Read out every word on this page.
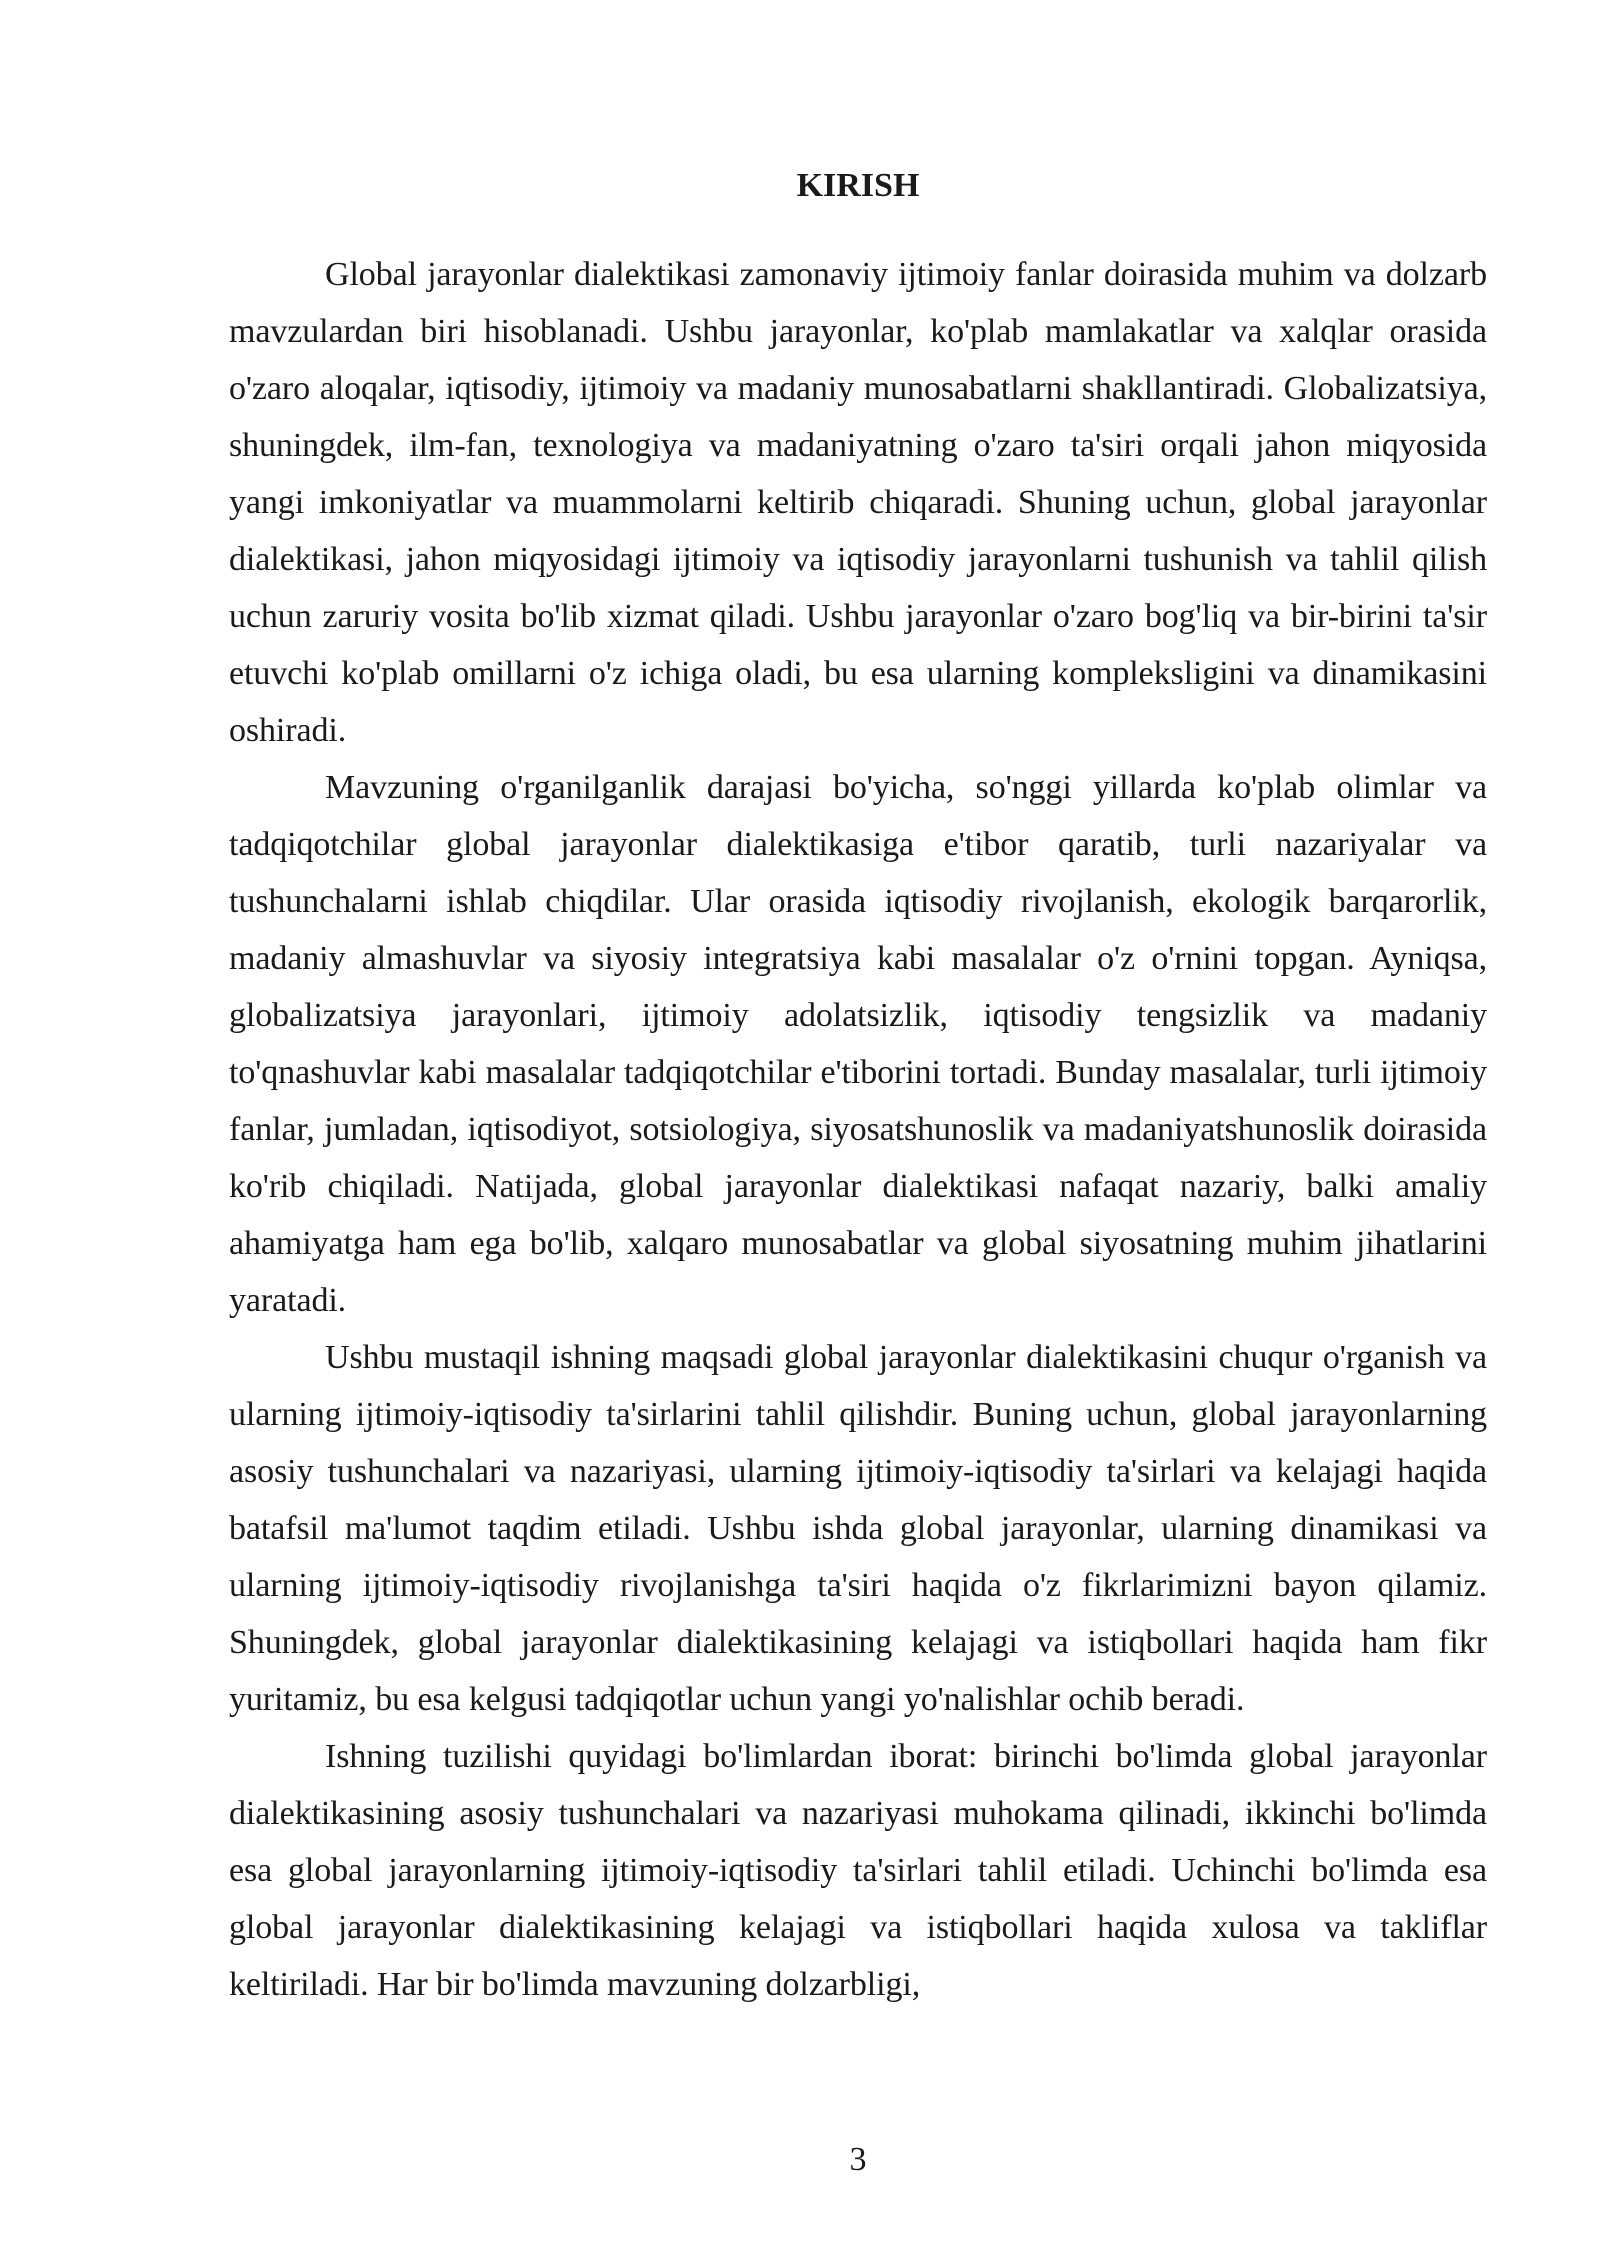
KIRISH

Global jarayonlar dialektikasi zamonaviy ijtimoiy fanlar doirasida muhim va dolzarb mavzulardan biri hisoblanadi. Ushbu jarayonlar, ko'plab mamlakatlar va xalqlar orasida o'zaro aloqalar, iqtisodiy, ijtimoiy va madaniy munosabatlarni shakllantiradi. Globalizatsiya, shuningdek, ilm-fan, texnologiya va madaniyatning o'zaro ta'siri orqali jahon miqyosida yangi imkoniyatlar va muammolarni keltirib chiqaradi. Shuning uchun, global jarayonlar dialektikasi, jahon miqyosidagi ijtimoiy va iqtisodiy jarayonlarni tushunish va tahlil qilish uchun zaruriy vosita bo'lib xizmat qiladi. Ushbu jarayonlar o'zaro bog'liq va bir-birini ta'sir etuvchi ko'plab omillarni o'z ichiga oladi, bu esa ularning kompleksligini va dinamikasini oshiradi.

Mavzuning o'rganilganlik darajasi bo'yicha, so'nggi yillarda ko'plab olimlar va tadqiqotchilar global jarayonlar dialektikasiga e'tibor qaratib, turli nazariyalar va tushunchalarni ishlab chiqdilar. Ular orasida iqtisodiy rivojlanish, ekologik barqarorlik, madaniy almashuvlar va siyosiy integratsiya kabi masalalar o'z o'rnini topgan. Ayniqsa, globalizatsiya jarayonlari, ijtimoiy adolatsizlik, iqtisodiy tengsizlik va madaniy to'qnashuvlar kabi masalalar tadqiqotchilar e'tiborini tortadi. Bunday masalalar, turli ijtimoiy fanlar, jumladan, iqtisodiyot, sotsiologiya, siyosatshunoslik va madaniyatshunoslik doirasida ko'rib chiqiladi. Natijada, global jarayonlar dialektikasi nafaqat nazariy, balki amaliy ahamiyatga ham ega bo'lib, xalqaro munosabatlar va global siyosatning muhim jihatlarini yaratadi.

Ushbu mustaqil ishning maqsadi global jarayonlar dialektikasini chuqur o'rganish va ularning ijtimoiy-iqtisodiy ta'sirlarini tahlil qilishdir. Buning uchun, global jarayonlarning asosiy tushunchalari va nazariyasi, ularning ijtimoiy-iqtisodiy ta'sirlari va kelajagi haqida batafsil ma'lumot taqdim etiladi. Ushbu ishda global jarayonlar, ularning dinamikasi va ularning ijtimoiy-iqtisodiy rivojlanishga ta'siri haqida o'z fikrlarimizni bayon qilamiz. Shuningdek, global jarayonlar dialektikasining kelajagi va istiqbollari haqida ham fikr yuritamiz, bu esa kelgusi tadqiqotlar uchun yangi yo'nalishlar ochib beradi.

Ishning tuzilishi quyidagi bo'limlardan iborat: birinchi bo'limda global jarayonlar dialektikasining asosiy tushunchalari va nazariyasi muhokama qilinadi, ikkinchi bo'limda esa global jarayonlarning ijtimoiy-iqtisodiy ta'sirlari tahlil etiladi. Uchinchi bo'limda esa global jarayonlar dialektikasining kelajagi va istiqbollari haqida xulosa va takliflar keltiriladi. Har bir bo'limda mavzuning dolzarbligi,

3
